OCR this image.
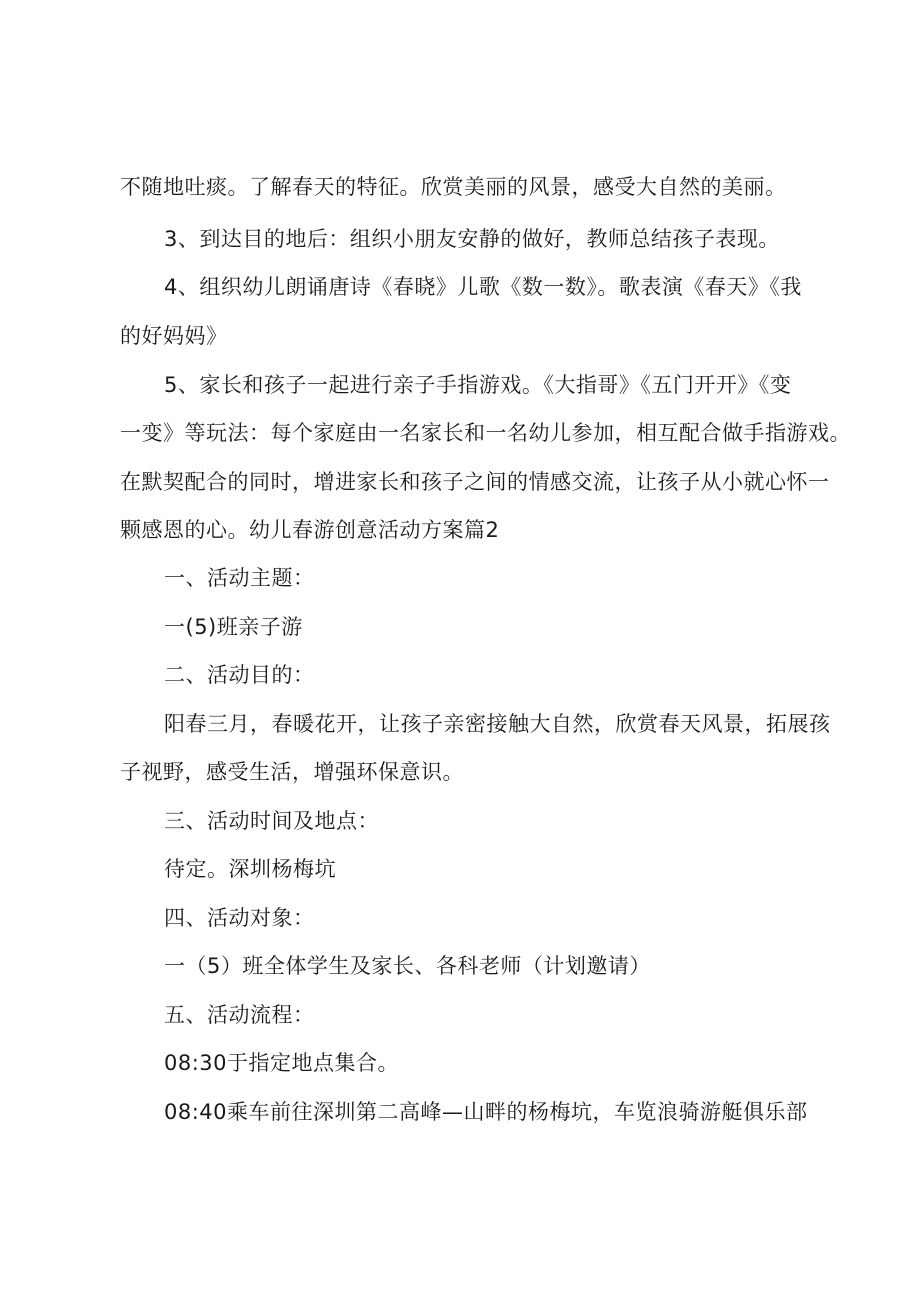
不随地吐痰。了解春天的特征。欣赏美丽的风景，感受大自然的美丽。
3、到达目的地后：组织小朋友安静的做好，教师总结孩子表现。
4、组织幼儿朗诵唐诗《春晓》儿歌《数一数》。歌表演《春天》《我
的好妈妈》
5、家长和孩子一起进行亲子手指游戏。《大指哥》《五门开开》《变
一变》等玩法：每个家庭由一名家长和一名幼儿参加，相互配合做手指游戏。
在默契配合的同时，增进家长和孩子之间的情感交流，让孩子从小就心怀一
颗感恩的心。幼儿春游创意活动方案篇2
一、活动主题：
一(5)班亲子游
二、活动目的：
阳春三月，春暖花开，让孩子亲密接触大自然，欣赏春天风景，拓展孩
子视野，感受生活，增强环保意识。
三、活动时间及地点：
待定。深圳杨梅坑
四、活动对象：
一（5）班全体学生及家长、各科老师（计划邀请）
五、活动流程：
08:30于指定地点集合。
08:40乘车前往深圳第二高峰—山畔的杨梅坑，车览浪骑游艇俱乐部
